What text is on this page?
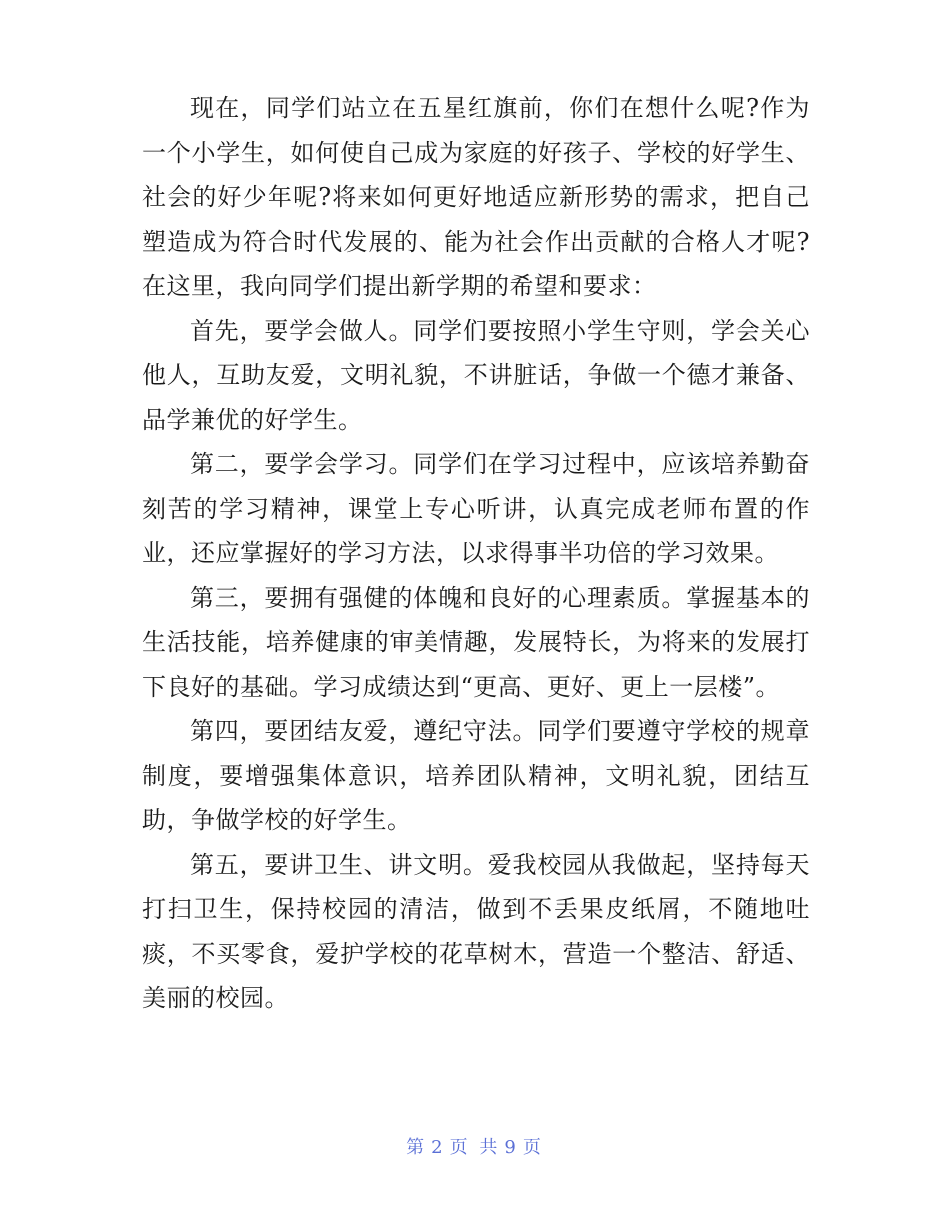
现在，同学们站立在五星红旗前，你们在想什么呢?作为一个小学生，如何使自己成为家庭的好孩子、学校的好学生、社会的好少年呢?将来如何更好地适应新形势的需求，把自己塑造成为符合时代发展的、能为社会作出贡献的合格人才呢?在这里，我向同学们提出新学期的希望和要求：

首先，要学会做人。同学们要按照小学生守则，学会关心他人，互助友爱，文明礼貌，不讲脏话，争做一个德才兼备、品学兼优的好学生。

第二，要学会学习。同学们在学习过程中，应该培养勤奋刻苦的学习精神，课堂上专心听讲，认真完成老师布置的作业，还应掌握好的学习方法，以求得事半功倍的学习效果。

第三，要拥有强健的体魄和良好的心理素质。掌握基本的生活技能，培养健康的审美情趣，发展特长，为将来的发展打下良好的基础。学习成绩达到“更高、更好、更上一层楼”。

第四，要团结友爱，遵纪守法。同学们要遵守学校的规章制度，要增强集体意识，培养团队精神，文明礼貌，团结互助，争做学校的好学生。

第五，要讲卫生、讲文明。爱我校园从我做起，坚持每天打扫卫生，保持校园的清洁，做到不丢果皮纸屑，不随地吐痰，不买零食，爱护学校的花草树木，营造一个整洁、舒适、美丽的校园。

第 2 页 共 9 页
